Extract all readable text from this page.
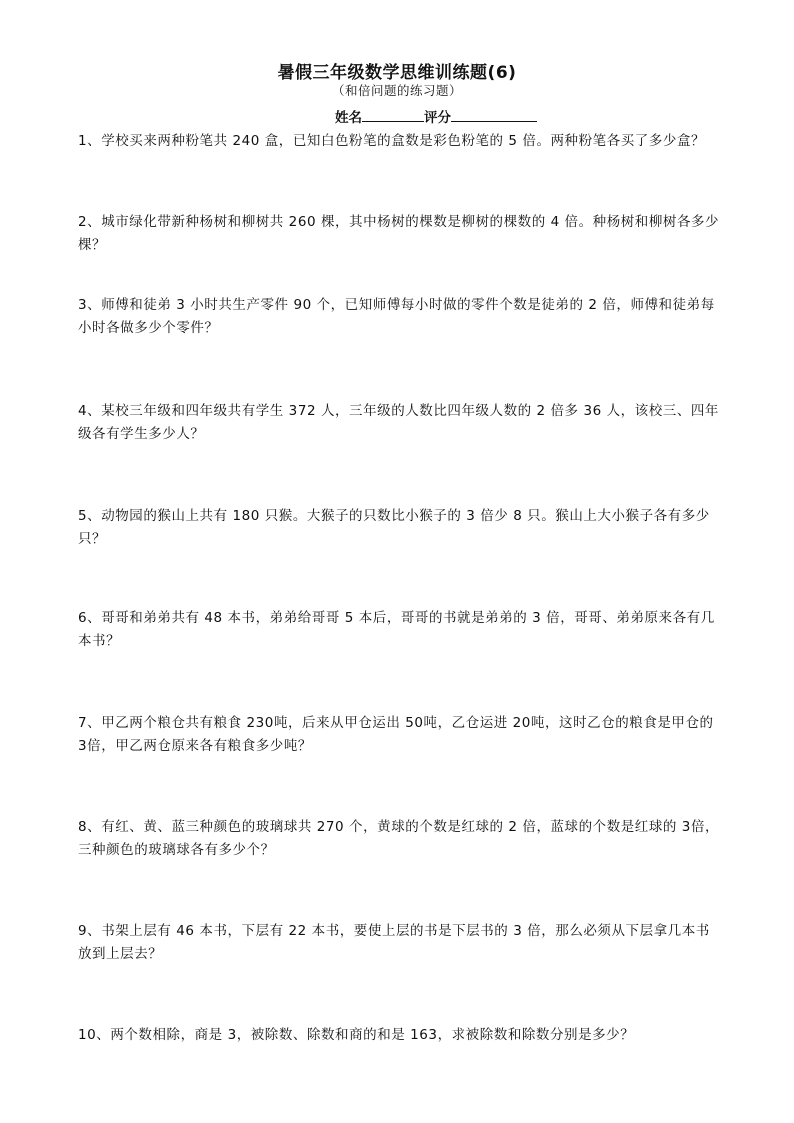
暑假三年级数学思维训练题(6)
（和倍问题的练习题）
姓名	评分
1、学校买来两种粉笔共 240 盒，已知白色粉笔的盒数是彩色粉笔的 5 倍。两种粉笔各买了多少盒？
2、城市绿化带新种杨树和柳树共 260 棵，其中杨树的棵数是柳树的棵数的 4 倍。种杨树和柳树各多少棵？
3、师傅和徒弟 3 小时共生产零件 90 个，已知师傅每小时做的零件个数是徒弟的 2 倍，师傅和徒弟每小时各做多少个零件？
4、某校三年级和四年级共有学生 372 人，三年级的人数比四年级人数的 2 倍多 36 人，该校三、四年级各有学生多少人？
5、动物园的猴山上共有 180 只猴。大猴子的只数比小猴子的 3 倍少 8 只。猴山上大小猴子各有多少只？
6、哥哥和弟弟共有 48 本书，弟弟给哥哥 5 本后，哥哥的书就是弟弟的 3 倍，哥哥、弟弟原来各有几本书？
7、甲乙两个粮仓共有粮食 230吨，后来从甲仓运出 50吨，乙仓运进 20吨，这时乙仓的粮食是甲仓的 3倍，甲乙两仓原来各有粮食多少吨？
8、有红、黄、蓝三种颜色的玻璃球共 270 个，黄球的个数是红球的 2 倍，蓝球的个数是红球的 3倍，三种颜色的玻璃球各有多少个？
9、书架上层有 46 本书，下层有 22 本书，要使上层的书是下层书的 3 倍，那么必须从下层拿几本书放到上层去？
10、两个数相除，商是 3，被除数、除数和商的和是 163，求被除数和除数分别是多少？
